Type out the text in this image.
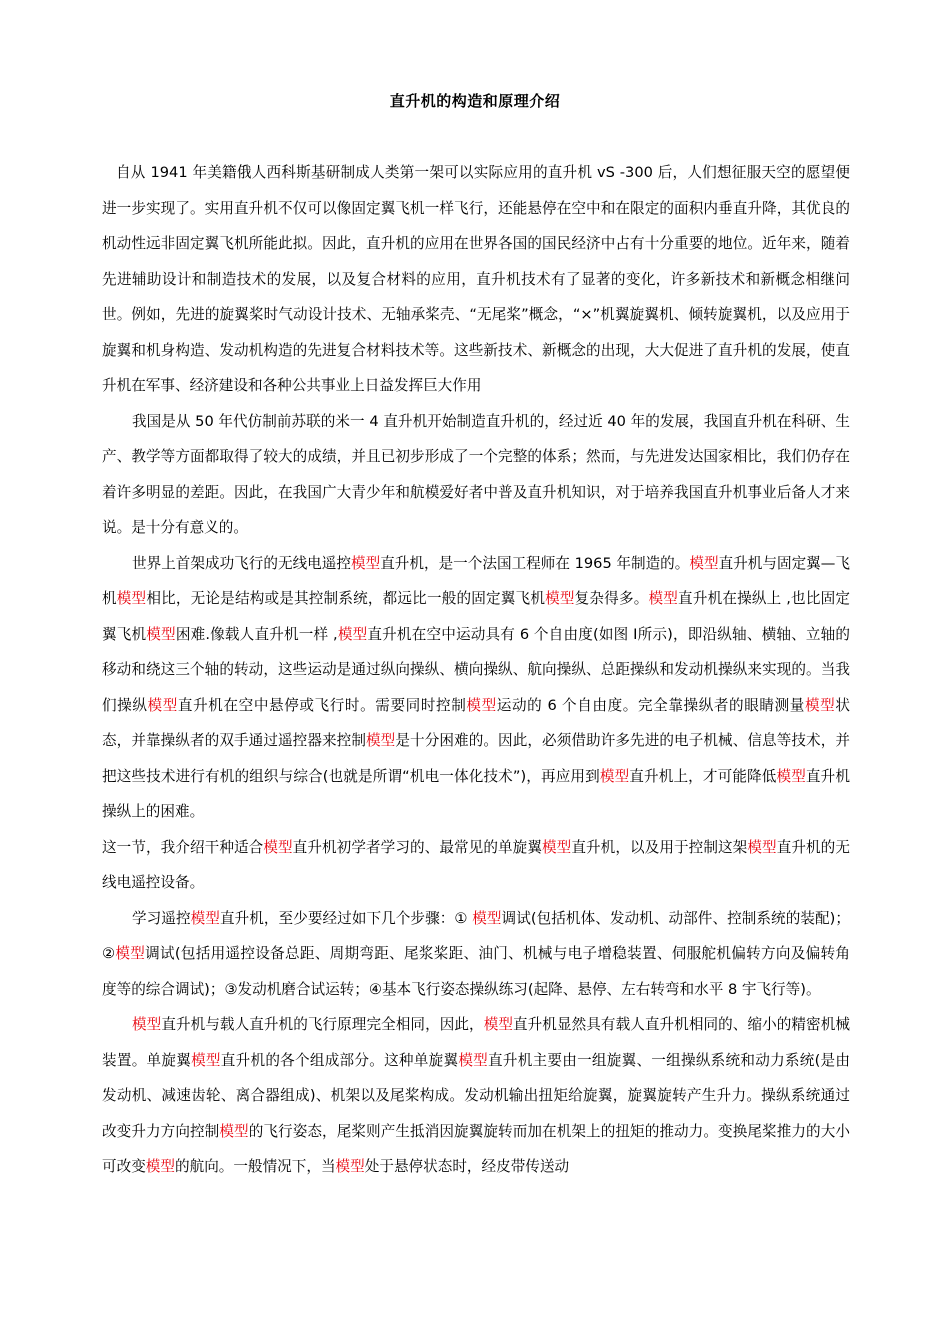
直升机的构造和原理介绍

自从 1941 年美籍俄人西科斯基研制成人类第一架可以实际应用的直升机 vS -300 后，人们想征服天空的愿望便进一步实现了。实用直升机不仅可以像固定翼飞机一样飞行，还能悬停在空中和在限定的面积内垂直升降，其优良的 机动性远非固定翼飞机所能此拟。因此，直升机的应用在世界各国的国民经济中占有十分重要的地位。近年来，随着先进辅助设计和制造技术的发展，以及复合材料的应用，直升机技术有了显著的变化，许多新技术和新概念相继问世。例如，先进的旋翼桨时气动设计技术、无轴承桨壳、“无尾桨”概念，“×”机翼旋翼机、倾转旋翼机，以及应用于旋翼和机身构造、发动机构造的先进复合材料技术等。这些新技术、新概念的出现，大大促进了直升机的发展，使直升机在军事、经济建设和各种公共事业上日益发挥巨大作用

我国是从 50 年代仿制前苏联的米一 4 直升机开始制造直升机的，经过近 40 年的发展，我国直升机在科研、生产、教学等方面都取得了较大的成绩，并且已初步形成了一个完整的体系；然而，与先进发达国家相比，我们仍存在着许多明显的差距。因此，在我国广大青少年和航模爱好者中普及直升机知识，对于培养我国直升机事业后备人才来说。是十分有意义的。

世界上首架成功飞行的无线电遥控模型直升机，是一个法国工程师在 1965 年制造的。模型直升机与固定翼—飞机模型相比，无论是结构或是其控制系统，都远比一般的固定翼飞机模型复杂得多。模型直升机在操纵上 ,也比固定翼飞机模型困难.像载人直升机一样 ,模型直升机在空中运动具有 6 个自由度(如图 Ⅰ所示)，即沿纵轴、横轴、立轴的移动和绕这三个轴的转动，这些运动是通过纵向操纵、横向操纵、航向操纵、总距操纵和发动机操纵来实现的。当我们操纵模型直升机在空中悬停或飞行时。需要同时控制模型运动的 6 个自由度。完全靠操纵者的眼睛测量模型状态，并靠操纵者的双手通过遥控器来控制模型是十分困难的。因此，必须借助许多先进的电子机械、信息等技术，并把这些技术进行有机的组织与综合(也就是所谓“机电一体化技术”)，再应用到模型直升机上，才可能降低模型直升机操纵上的困难。

这一节，我介绍干种适合模型直升机初学者学习的、最常见的单旋翼模型直升机，以及用于控制这架模型直升机的无线电遥控设备。

学习遥控模型直升机，至少要经过如下几个步骤：① 模型调试(包括机体、发动机、动部件、控制系统的装配)；②模型调试(包括用遥控设备总距、周期弯距、尾浆桨距、油门、机械与电子增稳装置、伺服舵机偏转方向及偏转角度等的综合调试)；③发动机磨合试运转；④基本飞行姿态操纵练习(起降、悬停、左右转弯和水平 8 宇飞行等)。

模型直升机与载人直升机的飞行原理完全相同，因此，模型直升机显然具有载人直升机相同的、缩小的精密机械装置。单旋翼模型直升机的各个组成部分。这种单旋翼模型直升机主要由一组旋翼、一组操纵系统和动力系统(是由发动机、减速齿轮、离合器组成)、机架以及尾桨构成。发动机输出扭矩给旋翼，旋翼旋转产生升力。操纵系统通过改变升力方向控制模型的飞行姿态，尾桨则产生抵消因旋翼旋转而加在机架上的扭矩的推动力。变换尾桨推力的大小可改变模型的航向。一般情况下，当模型处于悬停状态时，经皮带传送动
